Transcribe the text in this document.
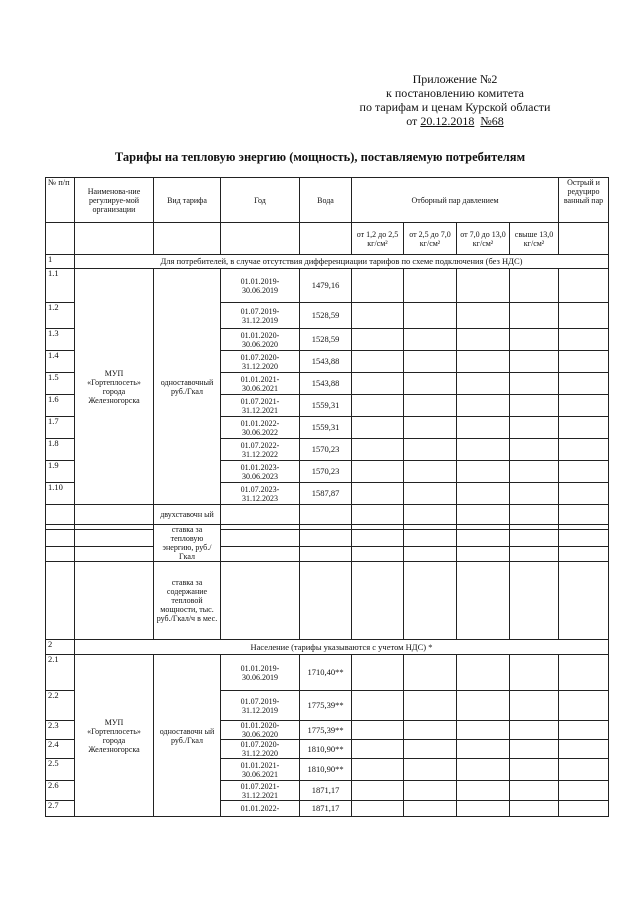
Приложение №2
к постановлению комитета
по тарифам и ценам Курской области
от 20.12.2018 №68
Тарифы на тепловую энергию (мощность), поставляемую потребителям
№ п/п	Наименова-ние регулируе-мой организации	Вид тарифа	Год	Вода	Отборный пар давлением				Острый и редуциро ванный пар
					от 1,2 до 2,5 кг/см²	от 2,5 до 7,0 кг/см²	от 7,0 до 13,0 кг/см²	свыше 13,0 кг/см²	
1	Для потребителей, в случае отсутствия дифференциации тарифов по схеме подключения (без НДС)								
1.1	МУП «Гортеплосеть» города Железногорска	одноставочный руб./Гкал	01.01.2019-30.06.2019	1479,16					
1.2			01.07.2019-31.12.2019	1528,59					
1.3			01.01.2020-30.06.2020	1528,59					
1.4			01.07.2020-31.12.2020	1543,88					
1.5			01.01.2021-30.06.2021	1543,88					
1.6			01.07.2021-31.12.2021	1559,31					
1.7			01.01.2022-30.06.2022	1559,31					
1.8			01.07.2022-31.12.2022	1570,23					
1.9			01.01.2023-30.06.2023	1570,23					
1.10			01.07.2023-31.12.2023	1587,87					
		двухставочн ый							
		ставка за тепловую энергию, руб./Гкал							

		ставка за содержание тепловой мощности, тыс. руб./Гкал/ч в мес.							
2	Население (тарифы указываются с учетом НДС) *								
2.1	МУП «Гортеплосеть» города Железногорска	одноставочн ый руб./Гкал	01.01.2019-30.06.2019	1710,40**					
2.2			01.07.2019-31.12.2019	1775,39**					
2.3			01.01.2020-30.06.2020	1775,39**					
2.4			01.07.2020-31.12.2020	1810,90**					
2.5			01.01.2021-30.06.2021	1810,90**					
2.6			01.07.2021-31.12.2021	1871,17					
2.7			01.01.2022-	1871,17					
